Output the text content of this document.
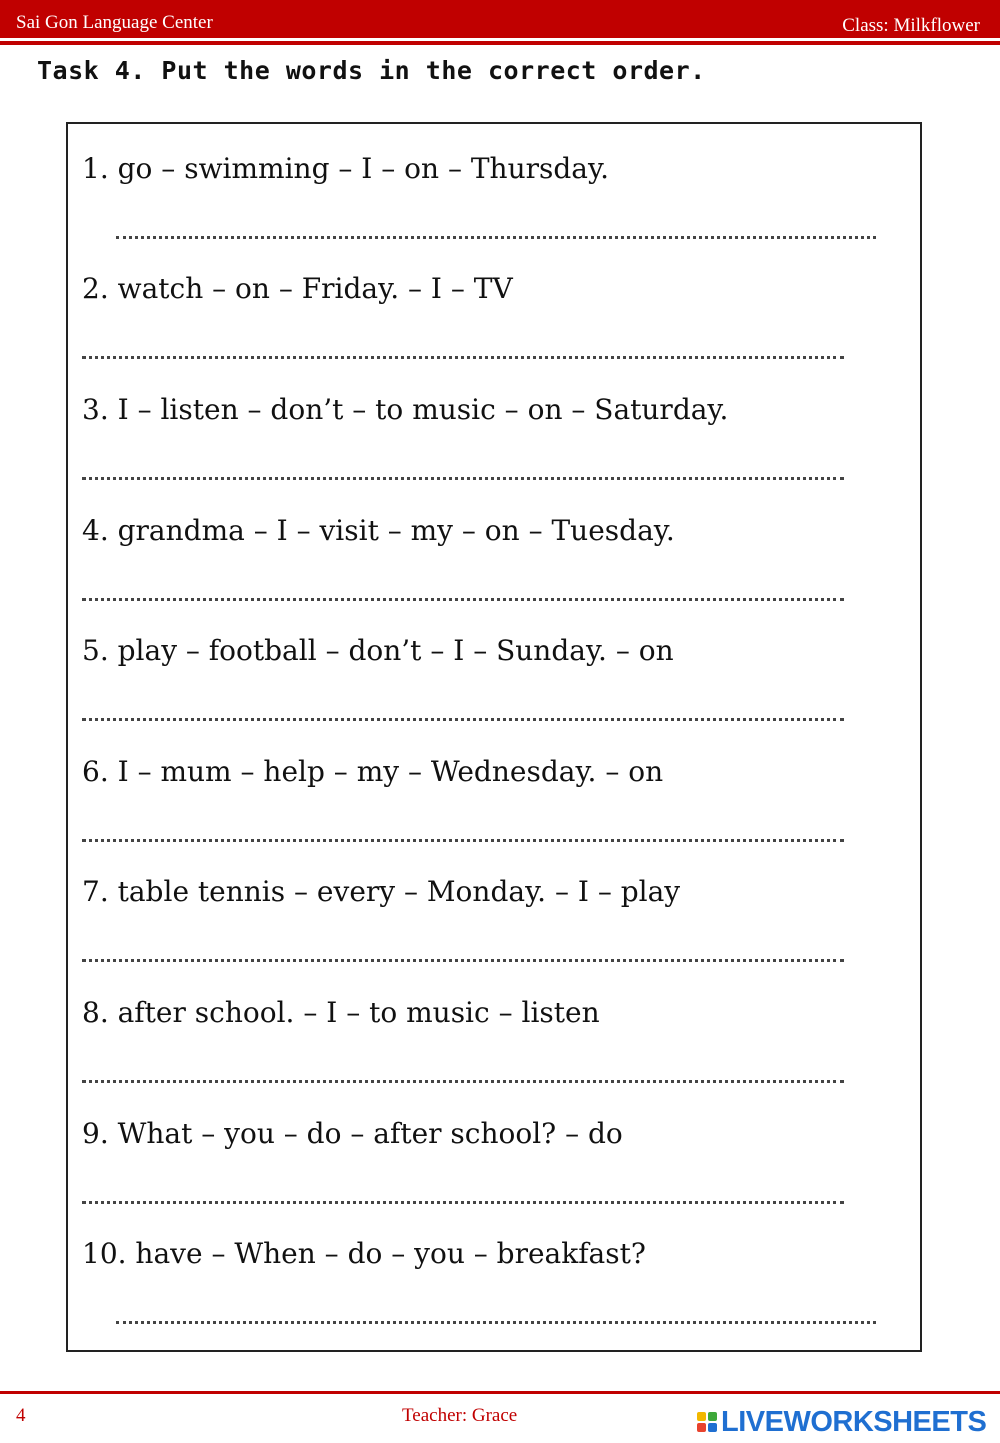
Sai Gon Language Center	Class: Milkflower
Task 4. Put the words in the correct order.
1. go – swimming – I – on – Thursday.
2. watch – on – Friday. – I – TV
3. I – listen – don’t – to music – on – Saturday.
4. grandma – I – visit – my – on – Tuesday.
5. play – football – don’t – I – Sunday. – on
6. I – mum – help – my – Wednesday. – on
7. table tennis – every – Monday. – I – play
8. after school. – I – to music – listen
9. What – you – do – after school? – do
10. have – When – do – you – breakfast?
4	Teacher: Grace	LIVEWORKSHEETS
